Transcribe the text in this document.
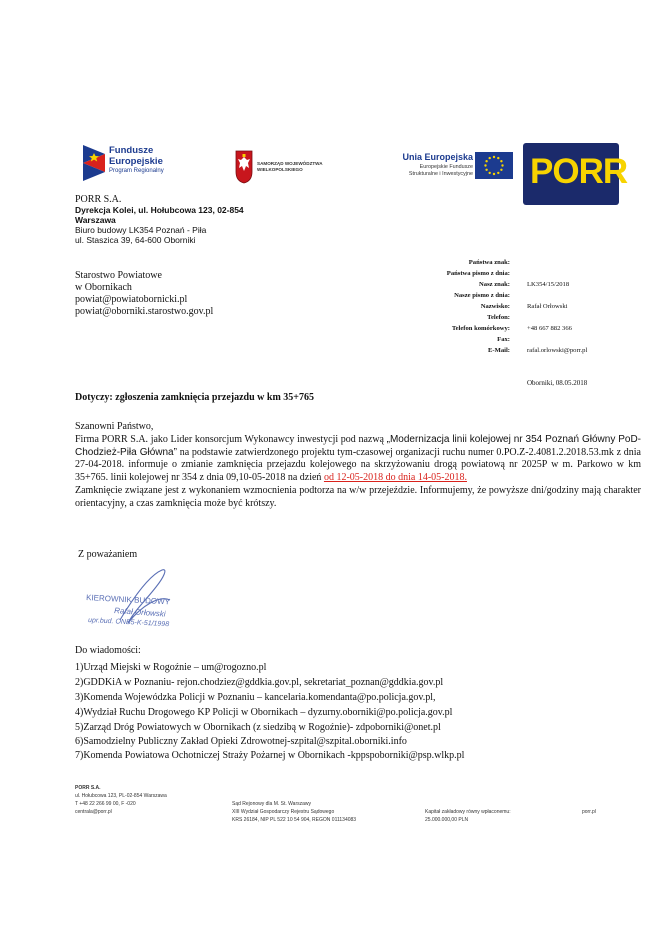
Fundusze
Europejskie
Program Regionalny
SAMORZĄD WOJEWÓDZTWA
WIELKOPOLSKIEGO
Unia Europejska
Europejskie Fundusze
Strukturalne i Inwestycyjne PORR
PORR S.A.
Dyrekcja Kolei, ul. Hołubcowa 123, 02-854
Warszawa
Biuro budowy LK354 Poznań - Piła
ul. Staszica 39, 64-600 Oborniki
Starostwo Powiatowe
w Obornikach
powiat@powiatobornicki.pl
powiat@oborniki.starostwo.gov.pl
Państwa znak:
Państwa pismo z dnia:
Nasz znak:
Nasze pismo z dnia:
Nazwisko:
Telefon:
Telefon komórkowy:
Fax:
E-Mail:

LK354/15/2018

Rafał Orłowski

+48 667 882 366

rafal.orlowski@porr.pl
Oborniki, 08.05.2018
Dotyczy: zgłoszenia zamknięcia przejazdu w km 35+765
Szanowni Państwo,
Firma PORR S.A. jako Lider konsorcjum Wykonawcy inwestycji pod nazwą „Modernizacja linii kolejowej nr 354 Poznań Główny PoD- Chodzież-Piła Główna” na podstawie zatwierdzonego projektu tym-czasowej organizacji ruchu numer 0.PO.Z-2.4081.2.2018.53.mk z dnia 27-04-2018. informuje o zmianie zamknięcia przejazdu kolejowego na skrzyżowaniu drogą powiatową nr 2025P w m. Parkowo w km 35+765. linii kolejowej nr 354 z dnia 09,10-05-2018 na dzień od 12-05-2018 do dnia 14-05-2018.
Zamknięcie związane jest z wykonaniem wzmocnienia podtorza na w/w przejeździe. Informujemy, że powyższe dni/godziny mają charakter orientacyjny, a czas zamknięcia może być krótszy.
Z poważaniem
KIEROWNIK BUDOWY
Rafał Orłowski
upr.bud. ONB5-K-51/1998
Do wiadomości:
1)Urząd Miejski w Rogoźnie – um@rogozno.pl
2)GDDKiA w Poznaniu- rejon.chodziez@gddkia.gov.pl, sekretariat_poznan@gddkia.gov.pl
3)Komenda Wojewódzka Policji w Poznaniu – kancelaria.komendanta@po.policja.gov.pl,
4)Wydział Ruchu Drogowego KP Policji w Obornikach – dyzurny.oborniki@po.policja.gov.pl
5)Zarząd Dróg Powiatowych w Obornikach (z siedzibą w Rogoźnie)- zdpoborniki@onet.pl
6)Samodzielny Publiczny Zakład Opieki Zdrowotnej-szpital@szpital.oborniki.info
7)Komenda Powiatowa Ochotniczej Straży Pożarnej w Obornikach -kppspoborniki@psp.wlkp.pl
PORR S.A.
ul. Hołubcowa 123, PL-02-854 Warszawa
T +48 22 266 99 00, F -020
centrala@porr.pl
Sąd Rejonowy dla M. St. Warszawy
XIII Wydział Gospodarczy Rejestru Sądowego
KRS 26184, NIP PL 522 10 54 904, REGON 011134083
Kapitał zakładowy równy wpłaconemu:
25.000.000,00 PLN
porr.pl
